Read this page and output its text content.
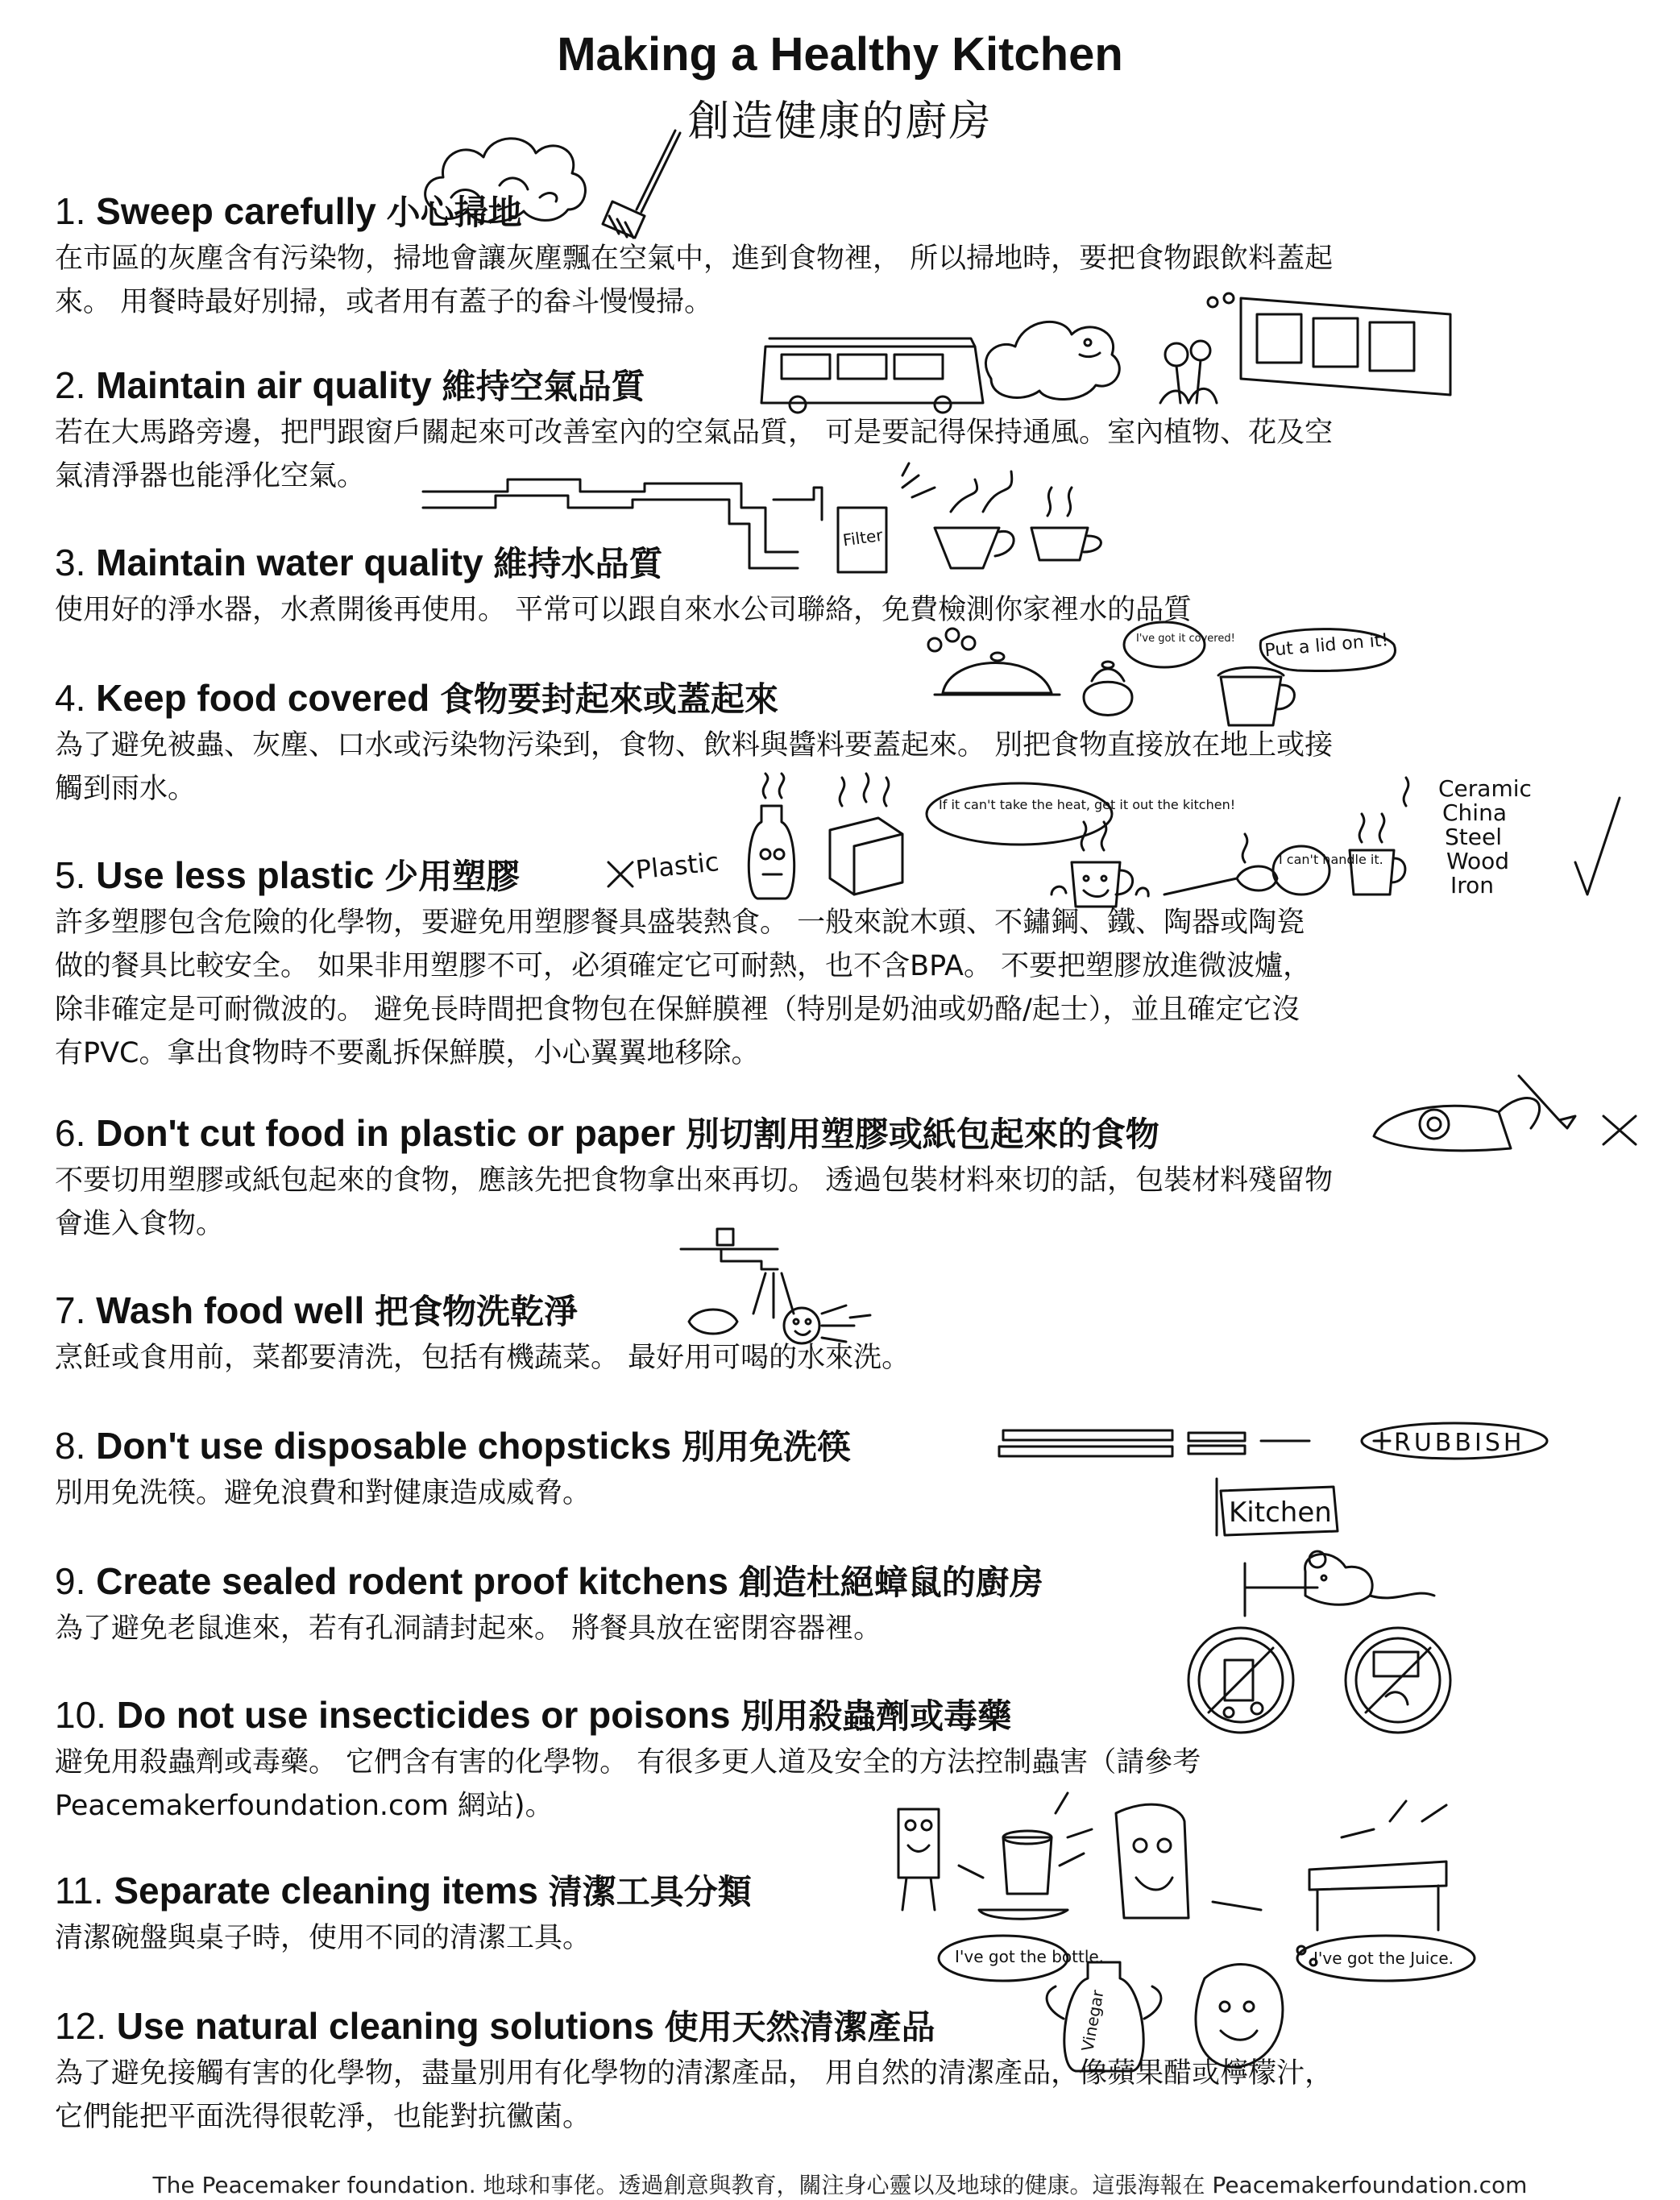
Making a Healthy Kitchen
創造健康的廚房
1. Sweep carefully 小心掃地
在市區的灰塵含有污染物，掃地會讓灰塵飄在空氣中，進到食物裡， 所以掃地時，要把食物跟飲料蓋起
來。 用餐時最好別掃，或者用有蓋子的畚斗慢慢掃。
2. Maintain air quality 維持空氣品質
若在大馬路旁邊，把門跟窗戶關起來可改善室內的空氣品質， 可是要記得保持通風。室內植物、花及空
氣清淨器也能淨化空氣。
3. Maintain water quality 維持水品質
使用好的淨水器，水煮開後再使用。 平常可以跟自來水公司聯絡，免費檢測你家裡水的品質
4. Keep food covered 食物要封起來或蓋起來
為了避免被蟲、灰塵、口水或污染物污染到，食物、飲料與醬料要蓋起來。 別把食物直接放在地上或接
觸到雨水。
5. Use less plastic 少用塑膠
許多塑膠包含危險的化學物，要避免用塑膠餐具盛裝熱食。 一般來說木頭、不鏽鋼、鐵、陶器或陶瓷
做的餐具比較安全。 如果非用塑膠不可，必須確定它可耐熱，也不含BPA。 不要把塑膠放進微波爐，
除非確定是可耐微波的。 避免長時間把食物包在保鮮膜裡（特別是奶油或奶酪/起士），並且確定它沒
有PVC。拿出食物時不要亂拆保鮮膜，小心翼翼地移除。
6. Don't cut food in plastic or paper 別切割用塑膠或紙包起來的食物
不要切用塑膠或紙包起來的食物，應該先把食物拿出來再切。 透過包裝材料來切的話，包裝材料殘留物
會進入食物。
7. Wash food well 把食物洗乾淨
烹飪或食用前，菜都要清洗，包括有機蔬菜。 最好用可喝的水來洗。
8. Don't use disposable chopsticks 別用免洗筷
別用免洗筷。避免浪費和對健康造成威脅。
9. Create sealed rodent proof kitchens 創造杜絕蟑鼠的廚房
為了避免老鼠進來，若有孔洞請封起來。 將餐具放在密閉容器裡。
10. Do not use insecticides or poisons 別用殺蟲劑或毒藥
避免用殺蟲劑或毒藥。 它們含有害的化學物。 有很多更人道及安全的方法控制蟲害（請參考
Peacemakerfoundation.com 網站)。
11. Separate cleaning items 清潔工具分類
清潔碗盤與桌子時，使用不同的清潔工具。
12. Use natural cleaning solutions 使用天然清潔產品
為了避免接觸有害的化學物，盡量別用有化學物的清潔產品， 用自然的清潔產品，像蘋果醋或檸檬汁，
它們能把平面洗得很乾淨，也能對抗黴菌。
Filter
I've got it covered! Put a lid on it!
Plastic
If it can't take the heat, get it out the kitchen!
I can't handle it.
Ceramic
China
Steel
Wood
Iron
RUBBISH
Kitchen
I've got the bottle.
Vinegar
I've got the Juice.
The Peacemaker foundation. 地球和事佬。透過創意與教育，關注身心靈以及地球的健康。這張海報在 Peacemakerfoundation.com
